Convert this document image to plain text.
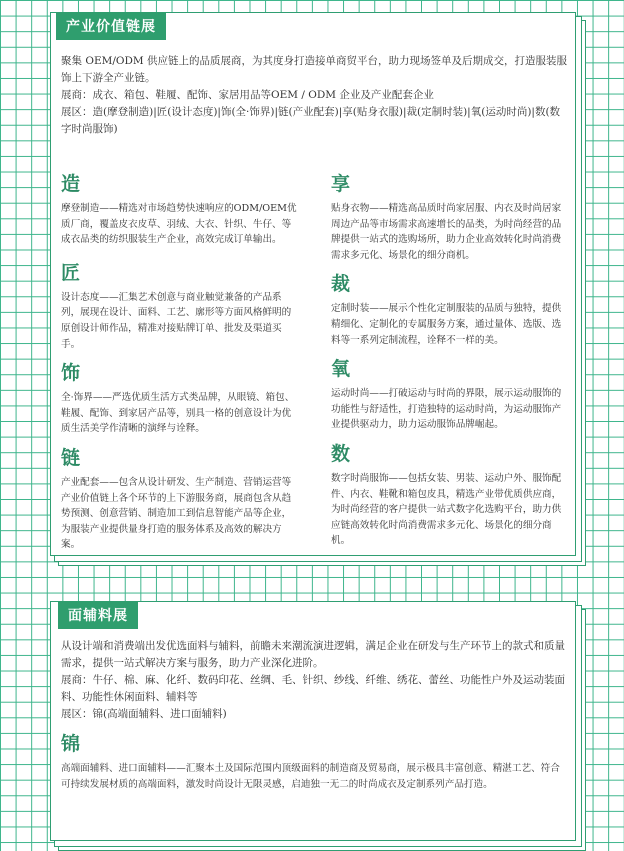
聚集 OEM/ODM 供应链上的品质展商，为其度身打造接单商贸平台，助力现场签单及后期成交，打造服装服饰上下游全产业链。

展商：成衣、箱包、鞋履、配饰、家居用品等OEM / ODM 企业及产业配套企业

展区：造(摩登制造)|匠(设计态度)|饰(全·饰界)|链(产业配套)|享(贴身衣服)|裁(定制时装)|氧(运动时尚)|数(数字时尚服饰)

造

摩登制造——精选对市场趋势快速响应的ODM/OEM优质厂商，覆盖皮衣皮草、羽绒、大衣、针织、牛仔、等成衣品类的纺织服装生产企业，高效完成订单输出。

匠

设计态度——汇集艺术创意与商业触觉兼备的产品系列，展现在设计、面料、工艺、廓形等方面风格鲜明的原创设计师作品，精准对接贴牌订单、批发及渠道买手。

饰

全·饰界——严选优质生活方式类品牌，从眼镜、箱包、鞋履、配饰、到家居产品等，别具一格的创意设计为优质生活美学作清晰的演绎与诠释。

链

产业配套——包含从设计研发、生产制造、营销运营等产业价值链上各个环节的上下游服务商，展商包含从趋势预测、创意营销、制造加工到信息智能产品等企业，为服装产业提供量身打造的服务体系及高效的解决方案。

享

贴身衣物——精选高品质时尚家居服、内衣及时尚居家周边产品等市场需求高速增长的品类，为时尚经营的品牌提供一站式的选购场所，助力企业高效转化时尚消费需求多元化、场景化的细分商机。

裁

定制时装——展示个性化定制服装的品质与独特，提供精细化、定制化的专属服务方案，通过量体、选版、选料等一系列定制流程，诠释不一样的美。

氧

运动时尚——打破运动与时尚的界限，展示运动服饰的功能性与舒适性，打造独特的运动时尚，为运动服饰产业提供驱动力，助力运动服饰品牌崛起。

数

数字时尚服饰——包括女装、男装、运动户外、服饰配件、内衣、鞋靴和箱包皮具，精选产业带优质供应商，为时尚经营的客户提供一站式数字化选购平台，助力供应链高效转化时尚消费需求多元化、场景化的细分商机。

产业价值链展

从设计端和消费端出发优选面料与辅料，前瞻未来潮流演进逻辑，满足企业在研发与生产环节上的款式和质量需求，提供一站式解决方案与服务，助力产业深化进阶。

展商：牛仔、棉、麻、化纤、数码印花、丝绸、毛、针织、纱线、纤维、绣花、蕾丝、功能性户外及运动装面料、功能性休闲面料、辅料等

展区：锦(高端面辅料、进口面辅料)

锦

高端面辅料、进口面辅料——汇聚本土及国际范围内顶级面料的制造商及贸易商，展示极具丰富创意、精湛工艺、符合可持续发展材质的高端面料，激发时尚设计无限灵感，启迪独一无二的时尚成衣及定制系列产品打造。

面辅料展
